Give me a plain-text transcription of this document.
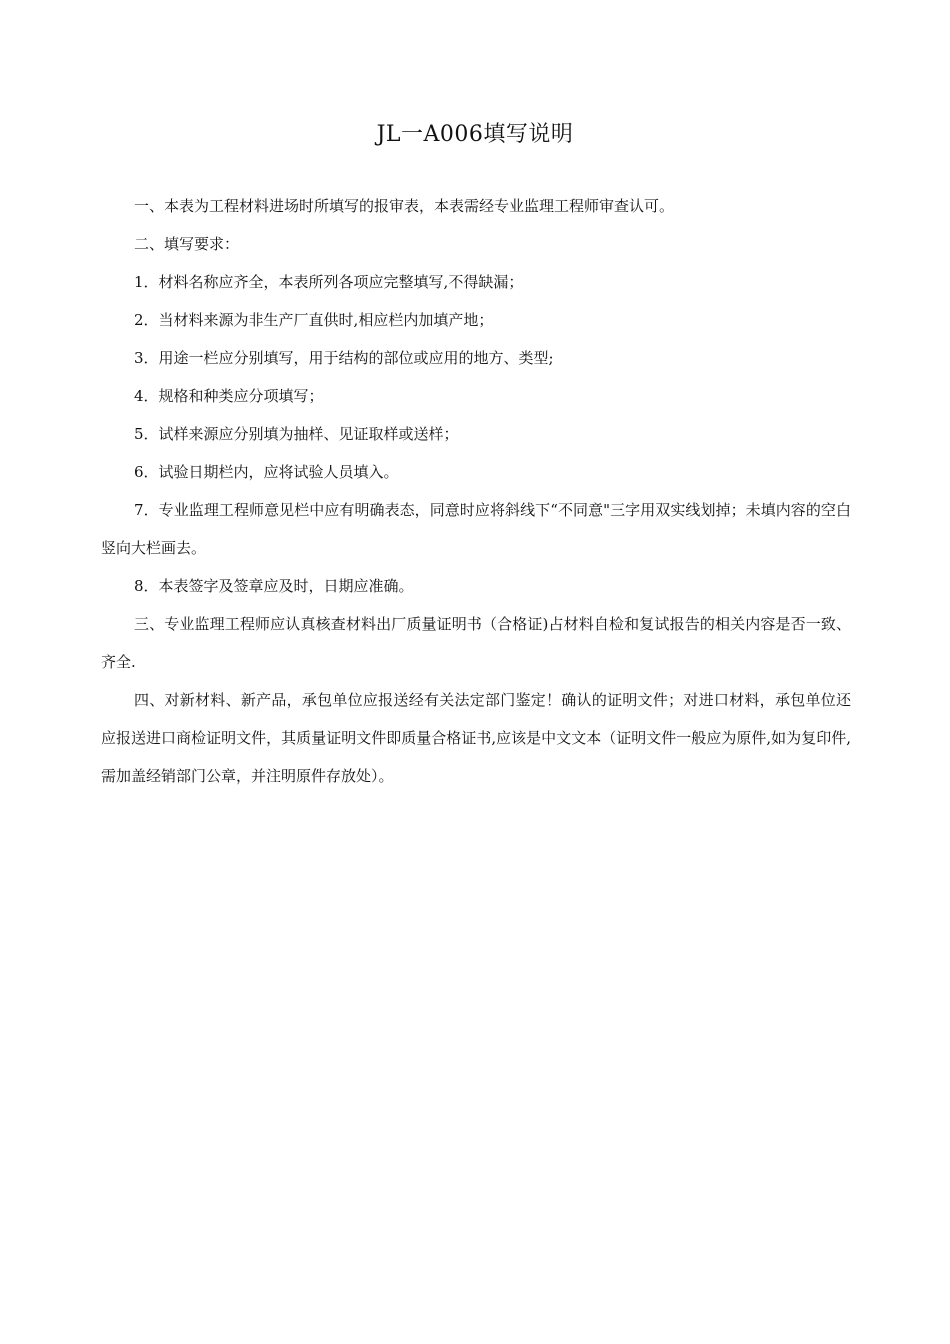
JL一A006填写说明

一、本表为工程材料进场时所填写的报审表，本表需经专业监理工程师审查认可。

二、填写要求：

1．材料名称应齐全，本表所列各项应完整填写,不得缺漏；

2．当材料来源为非生产厂直供时,相应栏内加填产地；

3．用途一栏应分别填写，用于结构的部位或应用的地方、类型;

4．规格和种类应分项填写；

5．试样来源应分别填为抽样、见证取样或送样；

6．试验日期栏内，应将试验人员填入。

7．专业监理工程师意见栏中应有明确表态，同意时应将斜线下“不同意"三字用双实线划掉；未填内容的空白竖向大栏画去。

8．本表签字及签章应及时，日期应准确。

三、专业监理工程师应认真核查材料出厂质量证明书（合格证)占材料自检和复试报告的相关内容是否一致、齐全.

四、对新材料、新产品，承包单位应报送经有关法定部门鉴定！确认的证明文件；对进口材料，承包单位还应报送进口商检证明文件，其质量证明文件即质量合格证书,应该是中文文本（证明文件一般应为原件,如为复印件,需加盖经销部门公章，并注明原件存放处）。
